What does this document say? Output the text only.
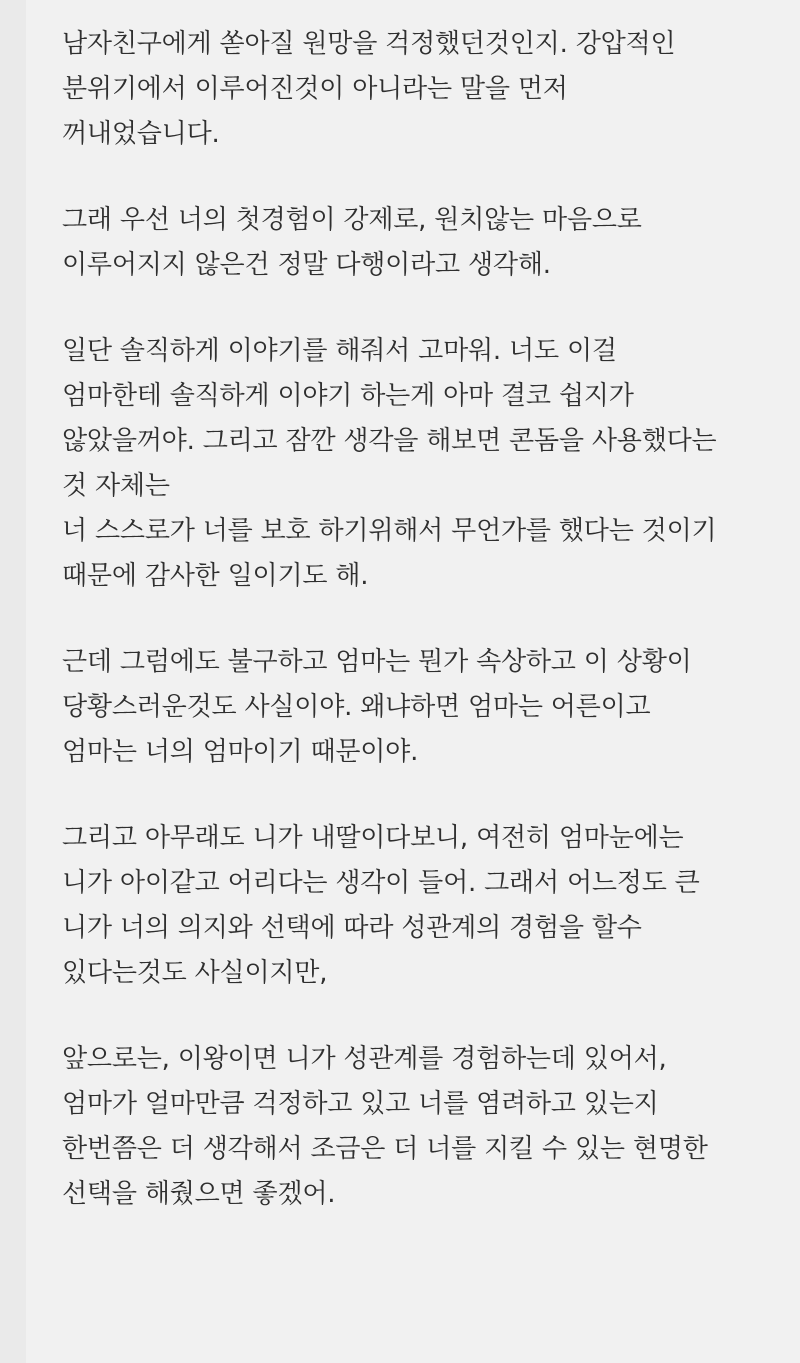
남자친구에게 쏟아질 원망을 걱정했던것인지. 강압적인
분위기에서 이루어진것이 아니라는 말을 먼저
꺼내었습니다.
그래 우선 너의 첫경험이 강제로, 원치않는 마음으로
이루어지지 않은건 정말 다행이라고 생각해.
일단 솔직하게 이야기를 해줘서 고마워. 너도 이걸
엄마한테 솔직하게 이야기 하는게 아마 결코 쉽지가
않았을꺼야. 그리고 잠깐 생각을 해보면 콘돔을 사용했다는
것 자체는
너 스스로가 너를 보호 하기위해서 무언가를 했다는 것이기
때문에 감사한 일이기도 해.
근데 그럼에도 불구하고 엄마는 뭔가 속상하고 이 상황이
당황스러운것도 사실이야. 왜냐하면 엄마는 어른이고
엄마는 너의 엄마이기 때문이야.
그리고 아무래도 니가 내딸이다보니, 여전히 엄마눈에는
니가 아이같고 어리다는 생각이 들어. 그래서 어느정도 큰
니가 너의 의지와 선택에 따라 성관계의 경험을 할수
있다는것도 사실이지만,
앞으로는, 이왕이면 니가 성관계를 경험하는데 있어서,
엄마가 얼마만큼 걱정하고 있고 너를 염려하고 있는지
한번쯤은 더 생각해서 조금은 더 너를 지킬 수 있는 현명한
선택을 해줬으면 좋겠어.
